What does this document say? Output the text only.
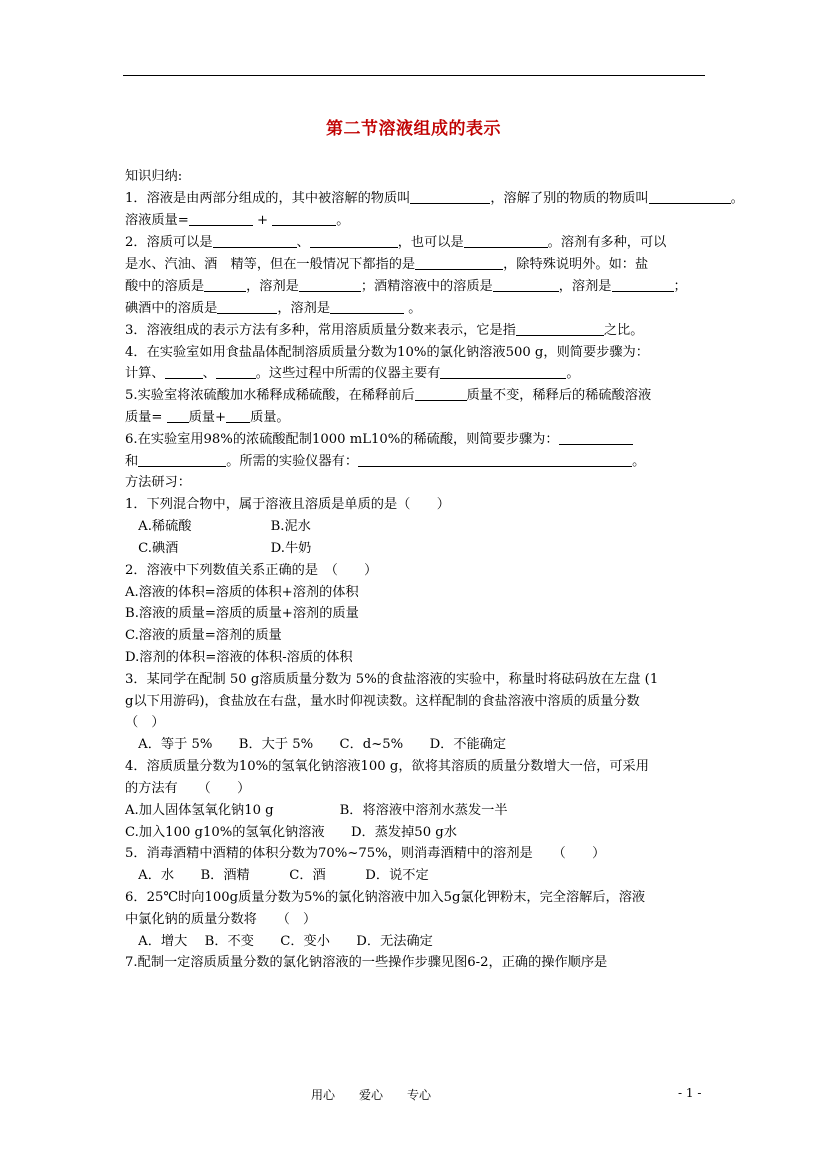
第二节溶液组成的表示
知识归纳:
1．溶液是由两部分组成的，其中被溶解的物质叫	，溶解了别的物质的物质叫	。
溶液质量=	+	。
2．溶质可以是	、	，也可以是	。溶剂有多种，可以
是水、汽油、酒　精等，但在一般情况下都指的是	，除特殊说明外。如：盐
酸中的溶质是	，溶剂是	；酒精溶液中的溶质是	，溶剂是	；
碘酒中的溶质是	，溶剂是	。
3．溶液组成的表示方法有多种，常用溶质质量分数来表示，它是指	之比。
4．在实验室如用食盐晶体配制溶质质量分数为10%的氯化钠溶液500 g，则简要步骤为：
计算、	、	。这些过程中所需的仪器主要有	。
5.实验室将浓硫酸加水稀释成稀硫酸，在稀释前后	质量不变，稀释后的稀硫酸溶液
质量= 质量+ 质量。
6.在实验室用98%的浓硫酸配制1000 mL10%的稀硫酸，则简要步骤为：
和	。所需的实验仪器有：	。
方法研习：
1．下列混合物中，属于溶液且溶质是单质的是（　　）
　A.稀硫酸　　　　　　B.泥水
　C.碘酒　　　　　　　D.牛奶
2．溶液中下列数值关系正确的是　（　　）
A.溶液的体积=溶质的体积+溶剂的体积
B.溶液的质量=溶质的质量+溶剂的质量
C.溶液的质量=溶剂的质量
D.溶剂的体积=溶液的体积-溶质的体积
3．某同学在配制 50 g溶质质量分数为 5%的食盐溶液的实验中，称量时将砝码放在左盘 (1
g以下用游码)，食盐放在右盘，量水时仰视读数。这样配制的食盐溶液中溶质的质量分数
（　）
　A．等于 5%　　B．大于 5%　　C．d~5%　　D．不能确定
4．溶质质量分数为10%的氢氧化钠溶液100 g，欲将其溶质的质量分数增大一倍，可采用
的方法有　　（　　）
A.加人固体氢氧化钠10 g　　　　　B．将溶液中溶剂水蒸发一半
C.加入100 g10%的氢氧化钠溶液　　D．蒸发掉50 g水
5．消毒酒精中酒精的体积分数为70%~75%，则消毒酒精中的溶剂是　　（　　）
　A．水　　B．酒精　　　C．酒　　　D．说不定
6．25℃时向100g质量分数为5%的氯化钠溶液中加入5g氯化钾粉末，完全溶解后，溶液
中氯化钠的质量分数将　　（　）
　A．增大　 B．不变　　C．变小　　D．无法确定
7.配制一定溶质质量分数的氯化钠溶液的一些操作步骤见图6-2，正确的操作顺序是
用心　　爱心　　专心	- 1 -
